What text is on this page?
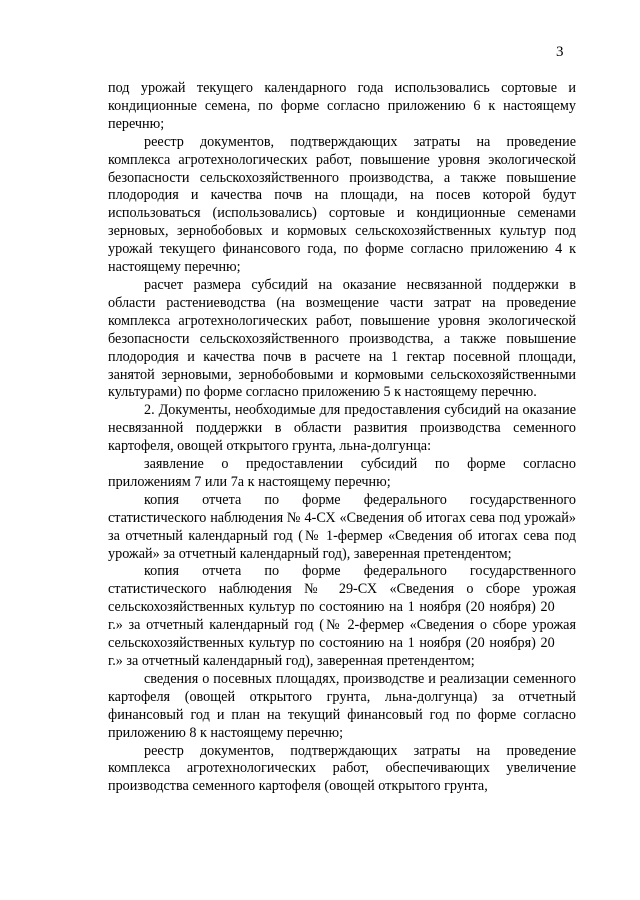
3

под урожай текущего календарного года использовались сортовые и кондиционные семена, по форме согласно приложению 6 к настоящему перечню;

реестр документов, подтверждающих затраты на проведение комплекса агротехнологических работ, повышение уровня экологической безопасности сельскохозяйственного производства, а также повышение плодородия и качества почв на площади, на посев которой будут использоваться (использовались) сортовые и кондиционные семенами зерновых, зернобобовых и кормовых сельскохозяйственных культур под урожай текущего финансового года, по форме согласно приложению 4 к настоящему перечню;

расчет размера субсидий на оказание несвязанной поддержки в области растениеводства (на возмещение части затрат на проведение комплекса агротехнологических работ, повышение уровня экологической безопасности сельскохозяйственного производства, а также повышение плодородия и качества почв в расчете на 1 гектар посевной площади, занятой зерновыми, зернобобовыми и кормовыми сельскохозяйственными культурами) по форме согласно приложению 5 к настоящему перечню.

2. Документы, необходимые для предоставления субсидий на оказание несвязанной поддержки в области развития производства семенного картофеля, овощей открытого грунта, льна-долгунца:

заявление о предоставлении субсидий по форме согласно приложениям 7 или 7а к настоящему перечню;

копия отчета по форме федерального государственного статистического наблюдения № 4-СХ «Сведения об итогах сева под урожай» за отчетный календарный год (№ 1-фермер «Сведения об итогах сева под урожай» за отчетный календарный год), заверенная претендентом;

копия отчета по форме федерального государственного статистического наблюдения № 29-СХ «Сведения о сборе урожая сельскохозяйственных культур по состоянию на 1 ноября (20 ноября) 20  г.» за отчетный календарный год (№ 2-фермер «Сведения о сборе урожая сельскохозяйственных культур по состоянию на 1 ноября (20 ноября) 20  г.» за отчетный календарный год), заверенная претендентом;

сведения о посевных площадях, производстве и реализации семенного картофеля (овощей открытого грунта, льна-долгунца) за отчетный финансовый год и план на текущий финансовый год по форме согласно приложению 8 к настоящему перечню;

реестр документов, подтверждающих затраты на проведение комплекса агротехнологических работ, обеспечивающих увеличение производства семенного картофеля (овощей открытого грунта,
